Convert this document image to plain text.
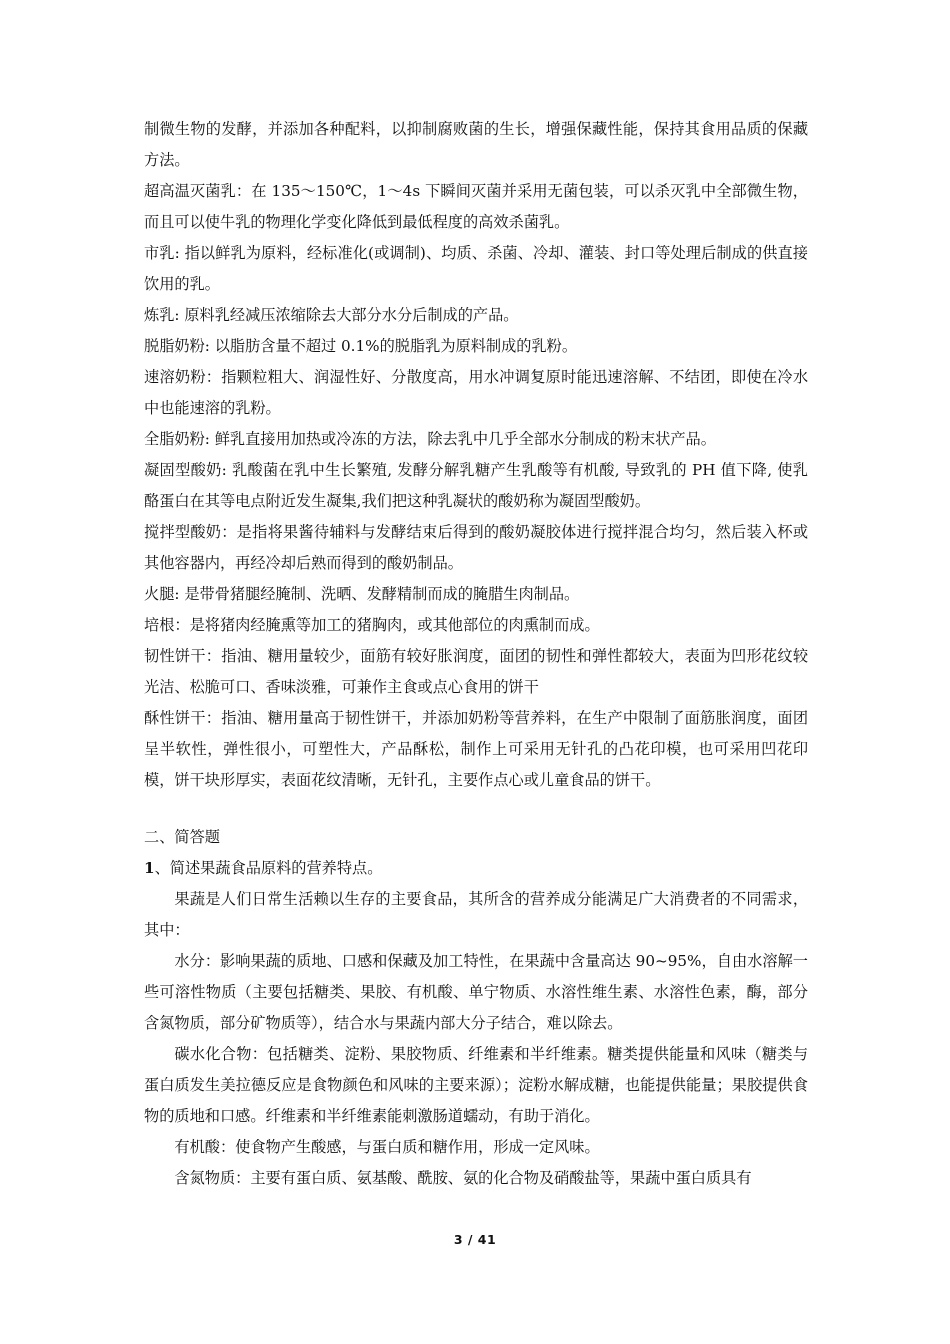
制微生物的发酵，并添加各种配料，以抑制腐败菌的生长，增强保藏性能，保持其食用品质的保藏方法。

超高温灭菌乳：在 135～150℃，1～4s 下瞬间灭菌并采用无菌包装，可以杀灭乳中全部微生物，而且可以使牛乳的物理化学变化降低到最低程度的高效杀菌乳。

市乳: 指以鲜乳为原料，经标准化(或调制)、均质、杀菌、冷却、灌装、封口等处理后制成的供直接饮用的乳。

炼乳: 原料乳经减压浓缩除去大部分水分后制成的产品。

脱脂奶粉: 以脂肪含量不超过 0.1%的脱脂乳为原料制成的乳粉。

速溶奶粉：指颗粒粗大、润湿性好、分散度高，用水冲调复原时能迅速溶解、不结团，即使在冷水中也能速溶的乳粉。

全脂奶粉: 鲜乳直接用加热或冷冻的方法，除去乳中几乎全部水分制成的粉末状产品。

凝固型酸奶: 乳酸菌在乳中生长繁殖, 发酵分解乳糖产生乳酸等有机酸, 导致乳的 PH 值下降, 使乳酪蛋白在其等电点附近发生凝集,我们把这种乳凝状的酸奶称为凝固型酸奶。

搅拌型酸奶：是指将果酱待辅料与发酵结束后得到的酸奶凝胶体进行搅拌混合均匀，然后装入杯或其他容器内，再经冷却后熟而得到的酸奶制品。

火腿: 是带骨猪腿经腌制、洗晒、发酵精制而成的腌腊生肉制品。

培根：是将猪肉经腌熏等加工的猪胸肉，或其他部位的肉熏制而成。

韧性饼干：指油、糖用量较少，面筋有较好胀润度，面团的韧性和弹性都较大，表面为凹形花纹较光洁、松脆可口、香味淡雅，可兼作主食或点心食用的饼干

酥性饼干：指油、糖用量高于韧性饼干，并添加奶粉等营养料，在生产中限制了面筋胀润度，面团呈半软性，弹性很小，可塑性大，产品酥松，制作上可采用无针孔的凸花印模，也可采用凹花印模，饼干块形厚实，表面花纹清晰，无针孔，主要作点心或儿童食品的饼干。

二、简答题

1、简述果蔬食品原料的营养特点。

果蔬是人们日常生活赖以生存的主要食品，其所含的营养成分能满足广大消费者的不同需求，其中：

水分：影响果蔬的质地、口感和保藏及加工特性，在果蔬中含量高达 90~95%，自由水溶解一些可溶性物质（主要包括糖类、果胶、有机酸、单宁物质、水溶性维生素、水溶性色素，酶，部分含氮物质，部分矿物质等），结合水与果蔬内部大分子结合，难以除去。

碳水化合物：包括糖类、淀粉、果胶物质、纤维素和半纤维素。糖类提供能量和风味（糖类与蛋白质发生美拉德反应是食物颜色和风味的主要来源）；淀粉水解成糖，也能提供能量；果胶提供食物的质地和口感。纤维素和半纤维素能刺激肠道蠕动，有助于消化。

有机酸：使食物产生酸感，与蛋白质和糖作用，形成一定风味。

含氮物质：主要有蛋白质、氨基酸、酰胺、氨的化合物及硝酸盐等，果蔬中蛋白质具有

3 / 41
